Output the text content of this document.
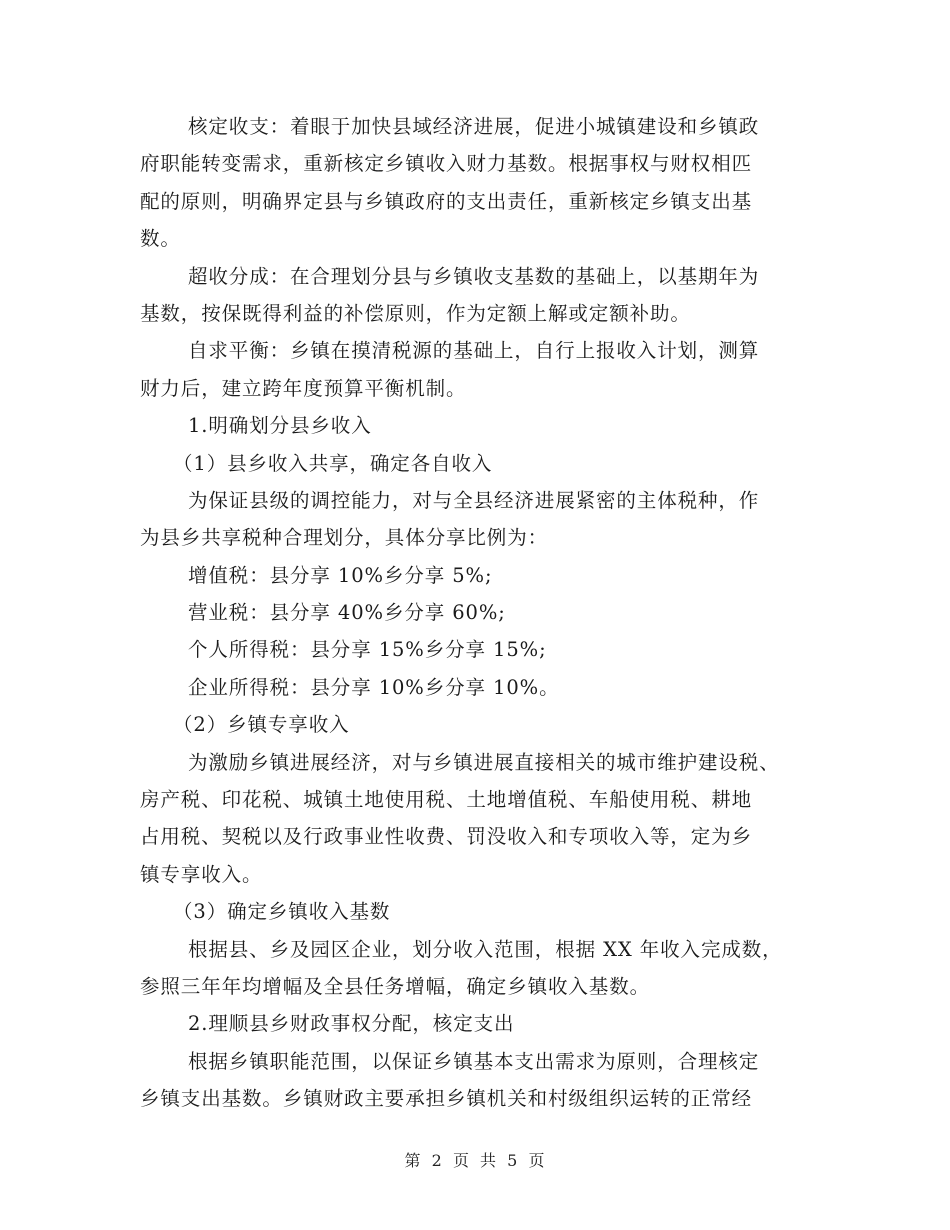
核定收支：着眼于加快县域经济进展，促进小城镇建设和乡镇政
府职能转变需求，重新核定乡镇收入财力基数。根据事权与财权相匹
配的原则，明确界定县与乡镇政府的支出责任，重新核定乡镇支出基
数。
超收分成：在合理划分县与乡镇收支基数的基础上，以基期年为
基数，按保既得利益的补偿原则，作为定额上解或定额补助。
自求平衡：乡镇在摸清税源的基础上，自行上报收入计划，测算
财力后，建立跨年度预算平衡机制。
1.明确划分县乡收入
（1）县乡收入共享，确定各自收入
为保证县级的调控能力，对与全县经济进展紧密的主体税种，作
为县乡共享税种合理划分，具体分享比例为：
增值税：县分享 10%乡分享 5%;
营业税：县分享 40%乡分享 60%;
个人所得税：县分享 15%乡分享 15%;
企业所得税：县分享 10%乡分享 10%。
（2）乡镇专享收入
为激励乡镇进展经济，对与乡镇进展直接相关的城市维护建设税、
房产税、印花税、城镇土地使用税、土地增值税、车船使用税、耕地
占用税、契税以及行政事业性收费、罚没收入和专项收入等，定为乡
镇专享收入。
（3）确定乡镇收入基数
根据县、乡及园区企业，划分收入范围，根据 XX 年收入完成数，
参照三年年均增幅及全县任务增幅，确定乡镇收入基数。
2.理顺县乡财政事权分配，核定支出
根据乡镇职能范围，以保证乡镇基本支出需求为原则，合理核定
乡镇支出基数。乡镇财政主要承担乡镇机关和村级组织运转的正常经
第 2 页 共 5 页
